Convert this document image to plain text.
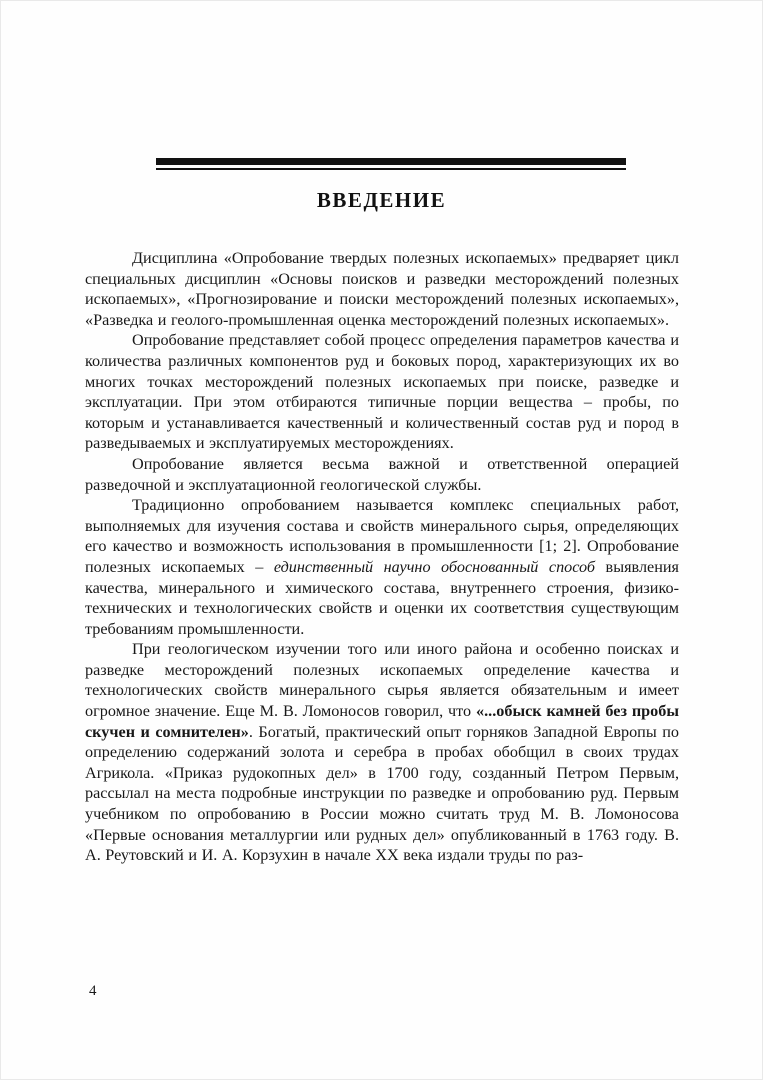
ВВЕДЕНИЕ

Дисциплина «Опробование твердых полезных ископаемых» предваряет цикл специальных дисциплин «Основы поисков и разведки месторождений полезных ископаемых», «Прогнозирование и поиски месторождений полезных ископаемых», «Разведка и геолого-промышленная оценка месторождений полезных ископаемых».

Опробование представляет собой процесс определения параметров качества и количества различных компонентов руд и боковых пород, характеризующих их во многих точках месторождений полезных ископаемых при поиске, разведке и эксплуатации. При этом отбираются типичные порции вещества – пробы, по которым и устанавливается качественный и количественный состав руд и пород в разведываемых и эксплуатируемых месторождениях.

Опробование является весьма важной и ответственной операцией разведочной и эксплуатационной геологической службы.

Традиционно опробованием называется комплекс специальных работ, выполняемых для изучения состава и свойств минерального сырья, определяющих его качество и возможность использования в промышленности [1; 2]. Опробование полезных ископаемых – единственный научно обоснованный способ выявления качества, минерального и химического состава, внутреннего строения, физико-технических и технологических свойств и оценки их соответствия существующим требованиям промышленности.

При геологическом изучении того или иного района и особенно поисках и разведке месторождений полезных ископаемых определение качества и технологических свойств минерального сырья является обязательным и имеет огромное значение. Еще М. В. Ломоносов говорил, что «...обыск камней без пробы скучен и сомнителен». Богатый, практический опыт горняков Западной Европы по определению содержаний золота и серебра в пробах обобщил в своих трудах Агрикола. «Приказ рудокопных дел» в 1700 году, созданный Петром Первым, рассылал на места подробные инструкции по разведке и опробованию руд. Первым учебником по опробованию в России можно считать труд М. В. Ломоносова «Первые основания металлургии или рудных дел» опубликованный в 1763 году. В. А. Реутовский и И. А. Корзухин в начале XX века издали труды по раз-

4
